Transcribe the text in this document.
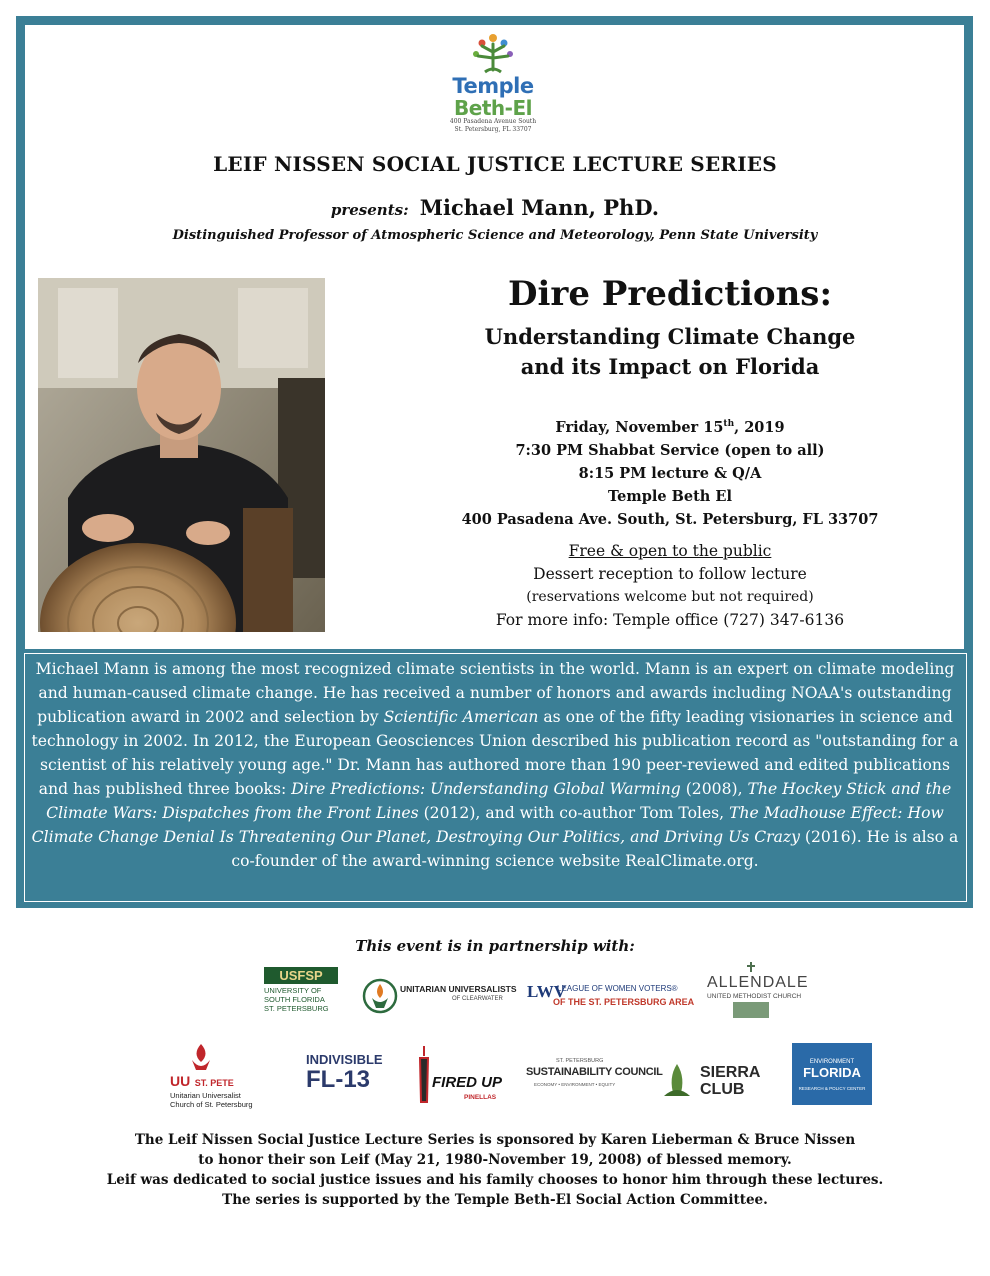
Temple
Beth-El
400 Pasadena Avenue South
St. Petersburg, FL 33707
LEIF NISSEN SOCIAL JUSTICE LECTURE SERIES
presents: Michael Mann, PhD.
Distinguished Professor of Atmospheric Science and Meteorology, Penn State University
Dire Predictions:
Understanding Climate Change
and its Impact on Florida
Friday, November 15th, 2019
7:30 PM Shabbat Service (open to all)
8:15 PM lecture & Q/A
Temple Beth El
400 Pasadena Ave. South, St. Petersburg, FL 33707
Free & open to the public
Dessert reception to follow lecture
(reservations welcome but not required)
For more info: Temple office (727) 347-6136
Michael Mann is among the most recognized climate scientists in the world. Mann is an expert on climate modeling and human-caused climate change. He has received a number of honors and awards including NOAA's outstanding publication award in 2002 and selection by Scientific American as one of the fifty leading visionaries in science and technology in 2002. In 2012, the European Geosciences Union described his publication record as "outstanding for a scientist of his relatively young age." Dr. Mann has authored more than 190 peer-reviewed and edited publications and has published three books: Dire Predictions: Understanding Global Warming (2008), The Hockey Stick and the Climate Wars: Dispatches from the Front Lines (2012), and with co-author Tom Toles, The Madhouse Effect: How Climate Change Denial Is Threatening Our Planet, Destroying Our Politics, and Driving Us Crazy (2016). He is also a co-founder of the award-winning science website RealClimate.org.
This event is in partnership with:
USFSP
UNIVERSITY OF
SOUTH FLORIDA
ST. PETERSBURG
UNITARIAN UNIVERSALISTS
OF CLEARWATER LWV
LEAGUE OF WOMEN VOTERS®
OF THE ST. PETERSBURG AREA
ALLENDALE
UNITED METHODIST CHURCH
UU ST. PETE
Unitarian Universalist
Church of St. Petersburg
INDIVISIBLE
FL-13	FIRED UP
PINELLAS
ST. PETERSBURG
SUSTAINABILITY COUNCIL
ECONOMY • ENVIRONMENT • EQUITY
SIERRA
CLUB
ENVIRONMENT
FLORIDA
RESEARCH & POLICY CENTER
The Leif Nissen Social Justice Lecture Series is sponsored by Karen Lieberman & Bruce Nissen
to honor their son Leif (May 21, 1980-November 19, 2008) of blessed memory.
Leif was dedicated to social justice issues and his family chooses to honor him through these lectures.
The series is supported by the Temple Beth-El Social Action Committee.
